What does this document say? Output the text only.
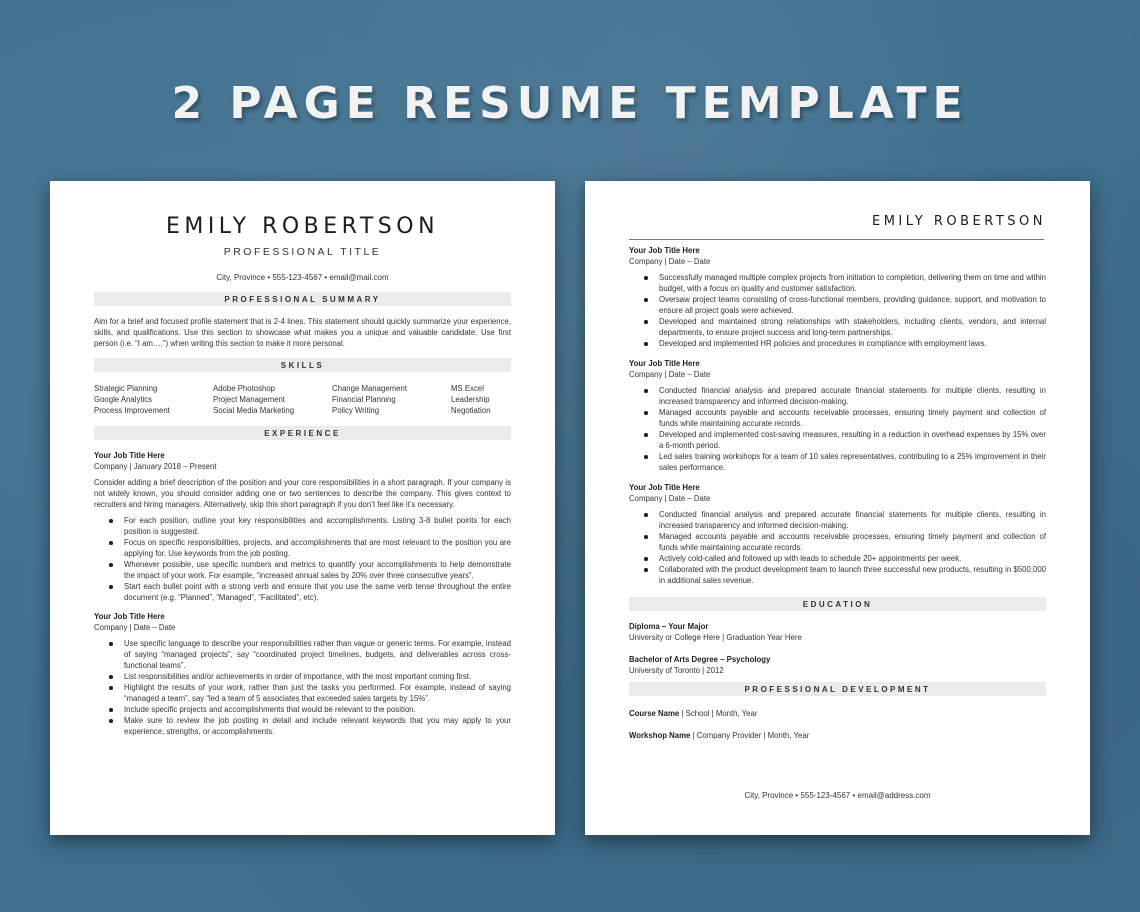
2 PAGE RESUME TEMPLATE
EMILY ROBERTSON
PROFESSIONAL TITLE
City, Province • 555-123-4567 • email@mail.com
PROFESSIONAL SUMMARY
Aim for a brief and focused profile statement that is 2-4 lines. This statement should quickly summarize your experience, skills, and qualifications. Use this section to showcase what makes you a unique and valuable candidate. Use first person (i.e. “I am….”) when writing this section to make it more personal.
SKILLS
Strategic Planning
Google Analytics
Process Improvement
Adobe Photoshop
Project Management
Social Media Marketing
Change Management
Financial Planning
Policy Writing
MS Excel
Leadership
Negotiation
EXPERIENCE
Your Job Title Here
Company | January 2018 – Present
Consider adding a brief description of the position and your core responsibilities in a short paragraph. If your company is not widely known, you should consider adding one or two sentences to describe the company. This gives context to recruiters and hiring managers. Alternatively, skip this short paragraph if you don’t feel like it’s necessary.
For each position, outline your key responsibilities and accomplishments. Listing 3-8 bullet points for each position is suggested.
Focus on specific responsibilities, projects, and accomplishments that are most relevant to the position you are applying for. Use keywords from the job posting.
Whenever possible, use specific numbers and metrics to quantify your accomplishments to help demonstrate the impact of your work. For example, “increased annual sales by 20% over three consecutive years”.
Start each bullet point with a strong verb and ensure that you use the same verb tense throughout the entire document (e.g. “Planned”, “Managed”, “Facilitated”, etc).
Your Job Title Here
Company | Date – Date
Use specific language to describe your responsibilities rather than vague or generic terms. For example, instead of saying “managed projects”, say “coordinated project timelines, budgets, and deliverables across cross-functional teams”.
List responsibilities and/or achievements in order of importance, with the most important coming first.
Highlight the results of your work, rather than just the tasks you performed. For example, instead of saying “managed a team”, say “led a team of 5 associates that exceeded sales targets by 15%”.
Include specific projects and accomplishments that would be relevant to the position.
Make sure to review the job posting in detail and include relevant keywords that you may apply to your experience, strengths, or accomplishments.
EMILY ROBERTSON
Your Job Title Here
Company | Date – Date
Successfully managed multiple complex projects from initiation to completion, delivering them on time and within budget, with a focus on quality and customer satisfaction.
Oversaw project teams consisting of cross-functional members, providing guidance, support, and motivation to ensure all project goals were achieved.
Developed and maintained strong relationships with stakeholders, including clients, vendors, and internal departments, to ensure project success and long-term partnerships.
Developed and implemented HR policies and procedures in compliance with employment laws.
Your Job Title Here
Company | Date – Date
Conducted financial analysis and prepared accurate financial statements for multiple clients, resulting in increased transparency and informed decision-making.
Managed accounts payable and accounts receivable processes, ensuring timely payment and collection of funds while maintaining accurate records.
Developed and implemented cost-saving measures, resulting in a reduction in overhead expenses by 15% over a 6-month period.
Led sales training workshops for a team of 10 sales representatives, contributing to a 25% improvement in their sales performance.
Your Job Title Here
Company | Date – Date
Conducted financial analysis and prepared accurate financial statements for multiple clients, resulting in increased transparency and informed decision-making.
Managed accounts payable and accounts receivable processes, ensuring timely payment and collection of funds while maintaining accurate records.
Actively cold-called and followed up with leads to schedule 20+ appointments per week.
Collaborated with the product development team to launch three successful new products, resulting in $500,000 in additional sales revenue.
EDUCATION
Diploma – Your Major
University or College Here | Graduation Year Here
Bachelor of Arts Degree – Psychology
University of Toronto | 2012
PROFESSIONAL DEVELOPMENT
Course Name | School | Month, Year
Workshop Name | Company Provider | Month, Year
City, Province • 555-123-4567 • email@address.com
